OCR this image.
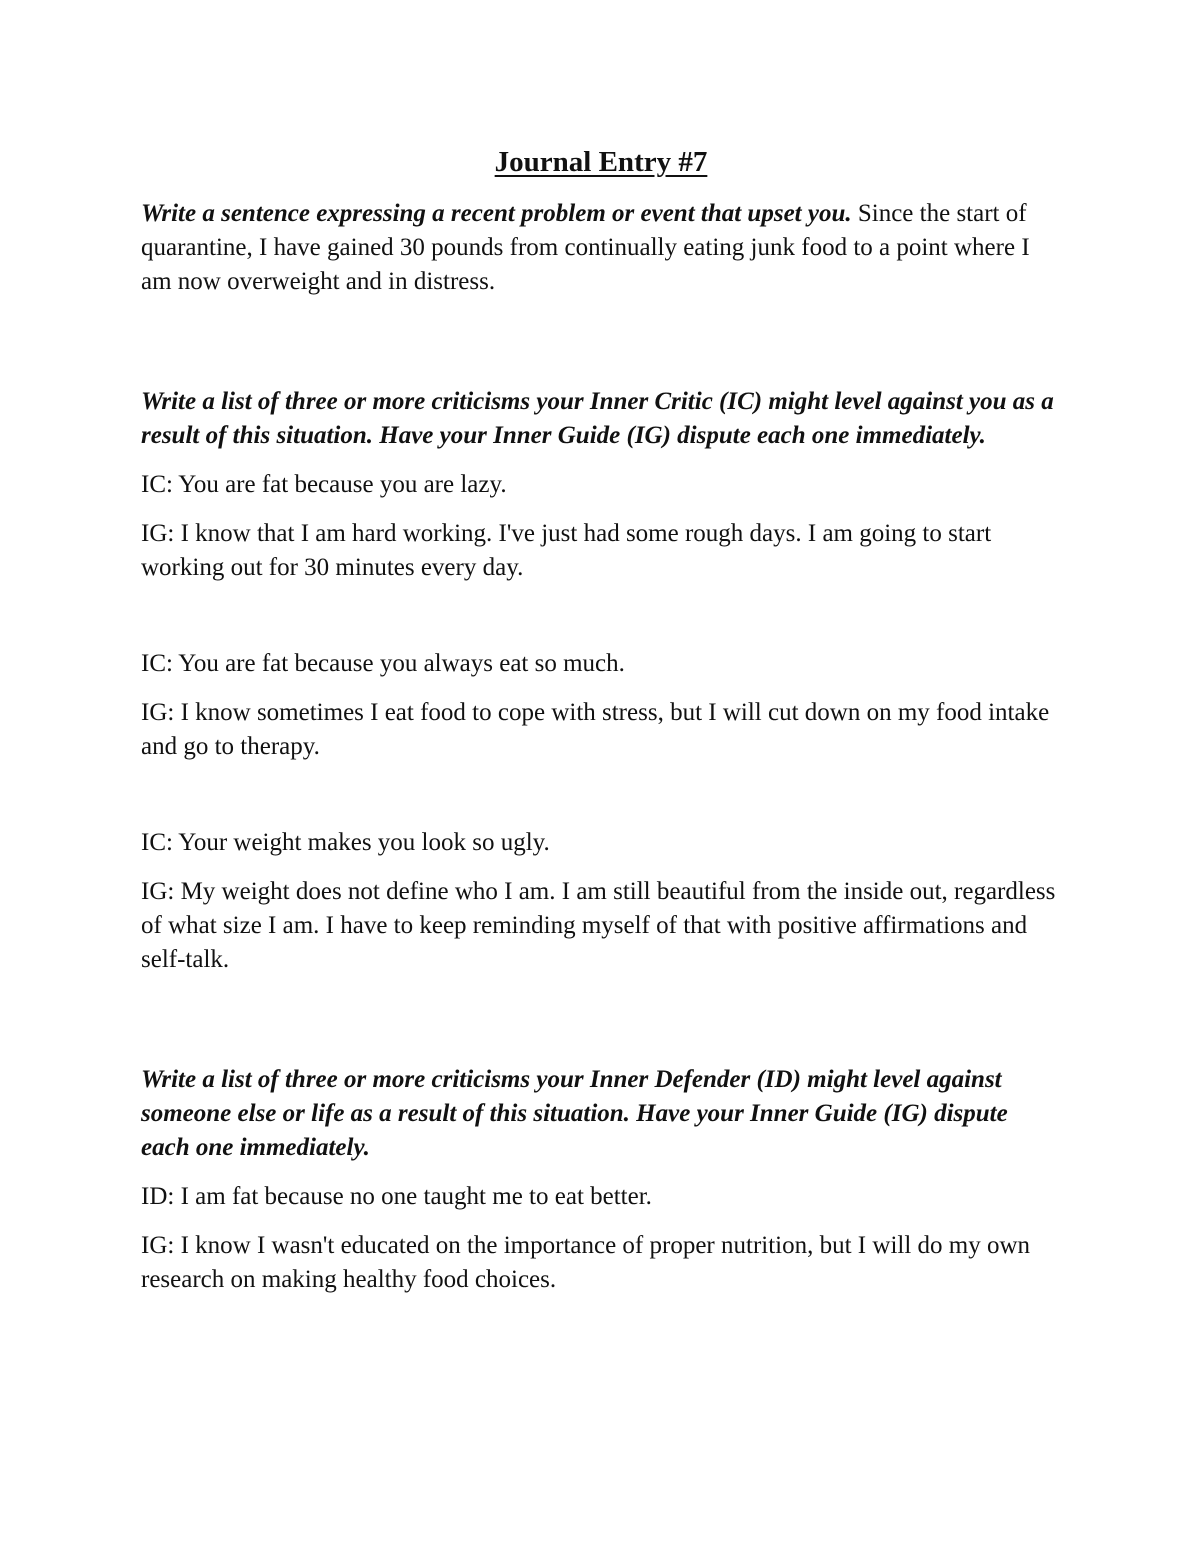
Journal Entry #7

Write a sentence expressing a recent problem or event that upset you. Since the start of quarantine, I have gained 30 pounds from continually eating junk food to a point where I am now overweight and in distress.

Write a list of three or more criticisms your Inner Critic (IC) might level against you as a result of this situation. Have your Inner Guide (IG) dispute each one immediately.

IC: You are fat because you are lazy.

IG: I know that I am hard working. I've just had some rough days. I am going to start working out for 30 minutes every day.

IC: You are fat because you always eat so much.

IG: I know sometimes I eat food to cope with stress, but I will cut down on my food intake and go to therapy.

IC: Your weight makes you look so ugly.

IG: My weight does not define who I am. I am still beautiful from the inside out, regardless of what size I am. I have to keep reminding myself of that with positive affirmations and self-talk.

Write a list of three or more criticisms your Inner Defender (ID) might level against someone else or life as a result of this situation. Have your Inner Guide (IG) dispute each one immediately.

ID: I am fat because no one taught me to eat better.

IG: I know I wasn't educated on the importance of proper nutrition, but I will do my own research on making healthy food choices.
